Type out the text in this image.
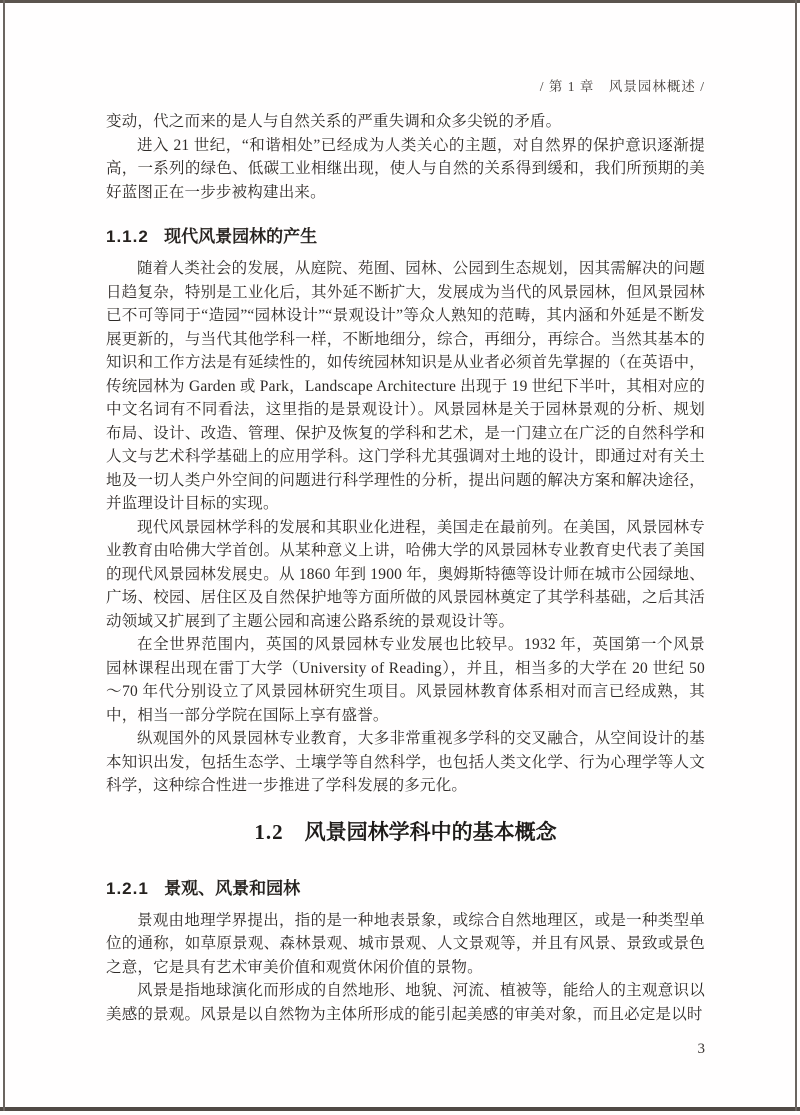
/ 第 1 章　风景园林概述 /

变动，代之而来的是人与自然关系的严重失调和众多尖锐的矛盾。

进入 21 世纪，“和谐相处”已经成为人类关心的主题，对自然界的保护意识逐渐提高，一系列的绿色、低碳工业相继出现，使人与自然的关系得到缓和，我们所预期的美好蓝图正在一步步被构建出来。

1.1.2 现代风景园林的产生

随着人类社会的发展，从庭院、苑囿、园林、公园到生态规划，因其需解决的问题日趋复杂，特别是工业化后，其外延不断扩大，发展成为当代的风景园林，但风景园林已不可等同于“造园”“园林设计”“景观设计”等众人熟知的范畴，其内涵和外延是不断发展更新的，与当代其他学科一样，不断地细分，综合，再细分，再综合。当然其基本的知识和工作方法是有延续性的，如传统园林知识是从业者必须首先掌握的（在英语中，传统园林为 Garden 或 Park，Landscape Architecture 出现于 19 世纪下半叶，其相对应的中文名词有不同看法，这里指的是景观设计）。风景园林是关于园林景观的分析、规划布局、设计、改造、管理、保护及恢复的学科和艺术，是一门建立在广泛的自然科学和人文与艺术科学基础上的应用学科。这门学科尤其强调对土地的设计，即通过对有关土地及一切人类户外空间的问题进行科学理性的分析，提出问题的解决方案和解决途径，并监理设计目标的实现。

现代风景园林学科的发展和其职业化进程，美国走在最前列。在美国，风景园林专业教育由哈佛大学首创。从某种意义上讲，哈佛大学的风景园林专业教育史代表了美国的现代风景园林发展史。从 1860 年到 1900 年，奥姆斯特德等设计师在城市公园绿地、广场、校园、居住区及自然保护地等方面所做的风景园林奠定了其学科基础，之后其活动领域又扩展到了主题公园和高速公路系统的景观设计等。

在全世界范围内，英国的风景园林专业发展也比较早。1932 年，英国第一个风景园林课程出现在雷丁大学（University of Reading），并且，相当多的大学在 20 世纪 50～70 年代分别设立了风景园林研究生项目。风景园林教育体系相对而言已经成熟，其中，相当一部分学院在国际上享有盛誉。

纵观国外的风景园林专业教育，大多非常重视多学科的交叉融合，从空间设计的基本知识出发，包括生态学、土壤学等自然科学，也包括人类文化学、行为心理学等人文科学，这种综合性进一步推进了学科发展的多元化。

1.2 风景园林学科中的基本概念
1.2.1 景观、风景和园林

景观由地理学界提出，指的是一种地表景象，或综合自然地理区，或是一种类型单位的通称，如草原景观、森林景观、城市景观、人文景观等，并且有风景、景致或景色之意，它是具有艺术审美价值和观赏休闲价值的景物。

风景是指地球演化而形成的自然地形、地貌、河流、植被等，能给人的主观意识以美感的景观。风景是以自然物为主体所形成的能引起美感的审美对象，而且必定是以时

3
